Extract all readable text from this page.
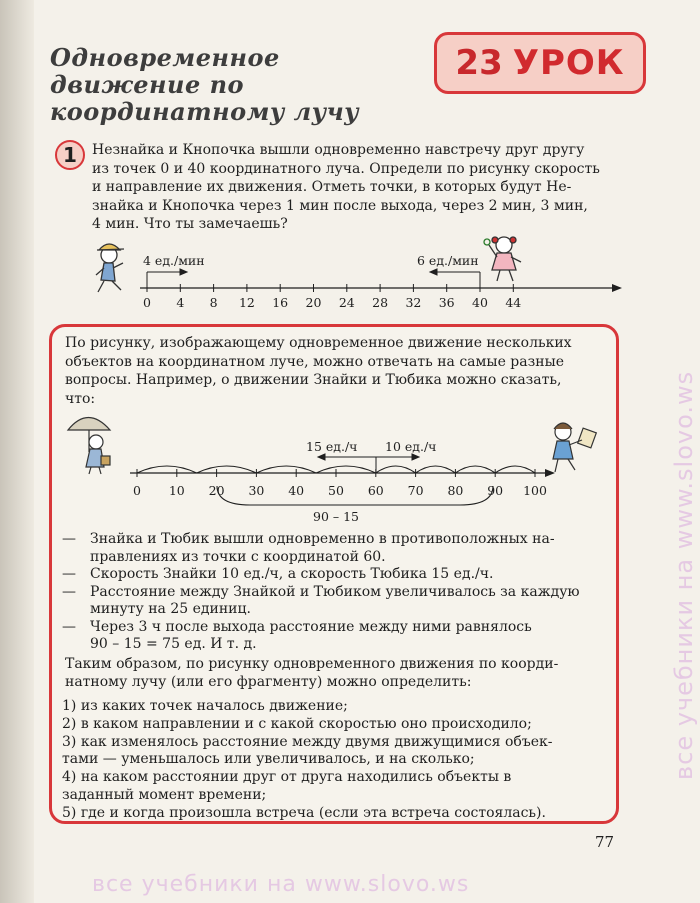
Одновременное
движение по
координатному лучу
23 УРОК
1	Незнайка и Кнопочка вышли одновременно навстречу друг другу
из точек 0 и 40 координатного луча. Определи по рисунку скорость
и направление их движения. Отметь точки, в которых будут Не-
знайка и Кнопочка через 1 мин после выхода, через 2 мин, 3 мин,
4 мин. Что ты замечаешь?
4 ед./мин	6 ед./мин
0 4 8 12 16 20 24 28 32 36 40 44
По рисунку, изображающему одновременное движение нескольких
объектов на координатном луче, можно отвечать на самые разные
вопросы. Например, о движении Знайки и Тюбика можно сказать,
что:
15 ед./ч 10 ед./ч
0 10 20 30 40 50 60 70 80 90 100
90 – 15
— Знайка и Тюбик вышли одновременно в противоположных на-
правлениях из точки с координатой 60.
— Скорость Знайки 10 ед./ч, а скорость Тюбика 15 ед./ч.
— Расстояние между Знайкой и Тюбиком увеличивалось за каждую
минуту на 25 единиц.
— Через 3 ч после выхода расстояние между ними равнялось
90 – 15 = 75 ед. И т. д.
Таким образом, по рисунку одновременного движения по коорди-
натному лучу (или его фрагменту) можно определить:
1) из каких точек началось движение;
2) в каком направлении и с какой скоростью оно происходило;
3) как изменялось расстояние между двумя движущимися объек-
тами — уменьшалось или увеличивалось, и на сколько;
4) на каком расстоянии друг от друга находились объекты в
заданный момент времени;
5) где и когда произошла встреча (если эта встреча состоялась).
77
все учебники на www.slovo.ws
все учебники на www.slovo.ws
